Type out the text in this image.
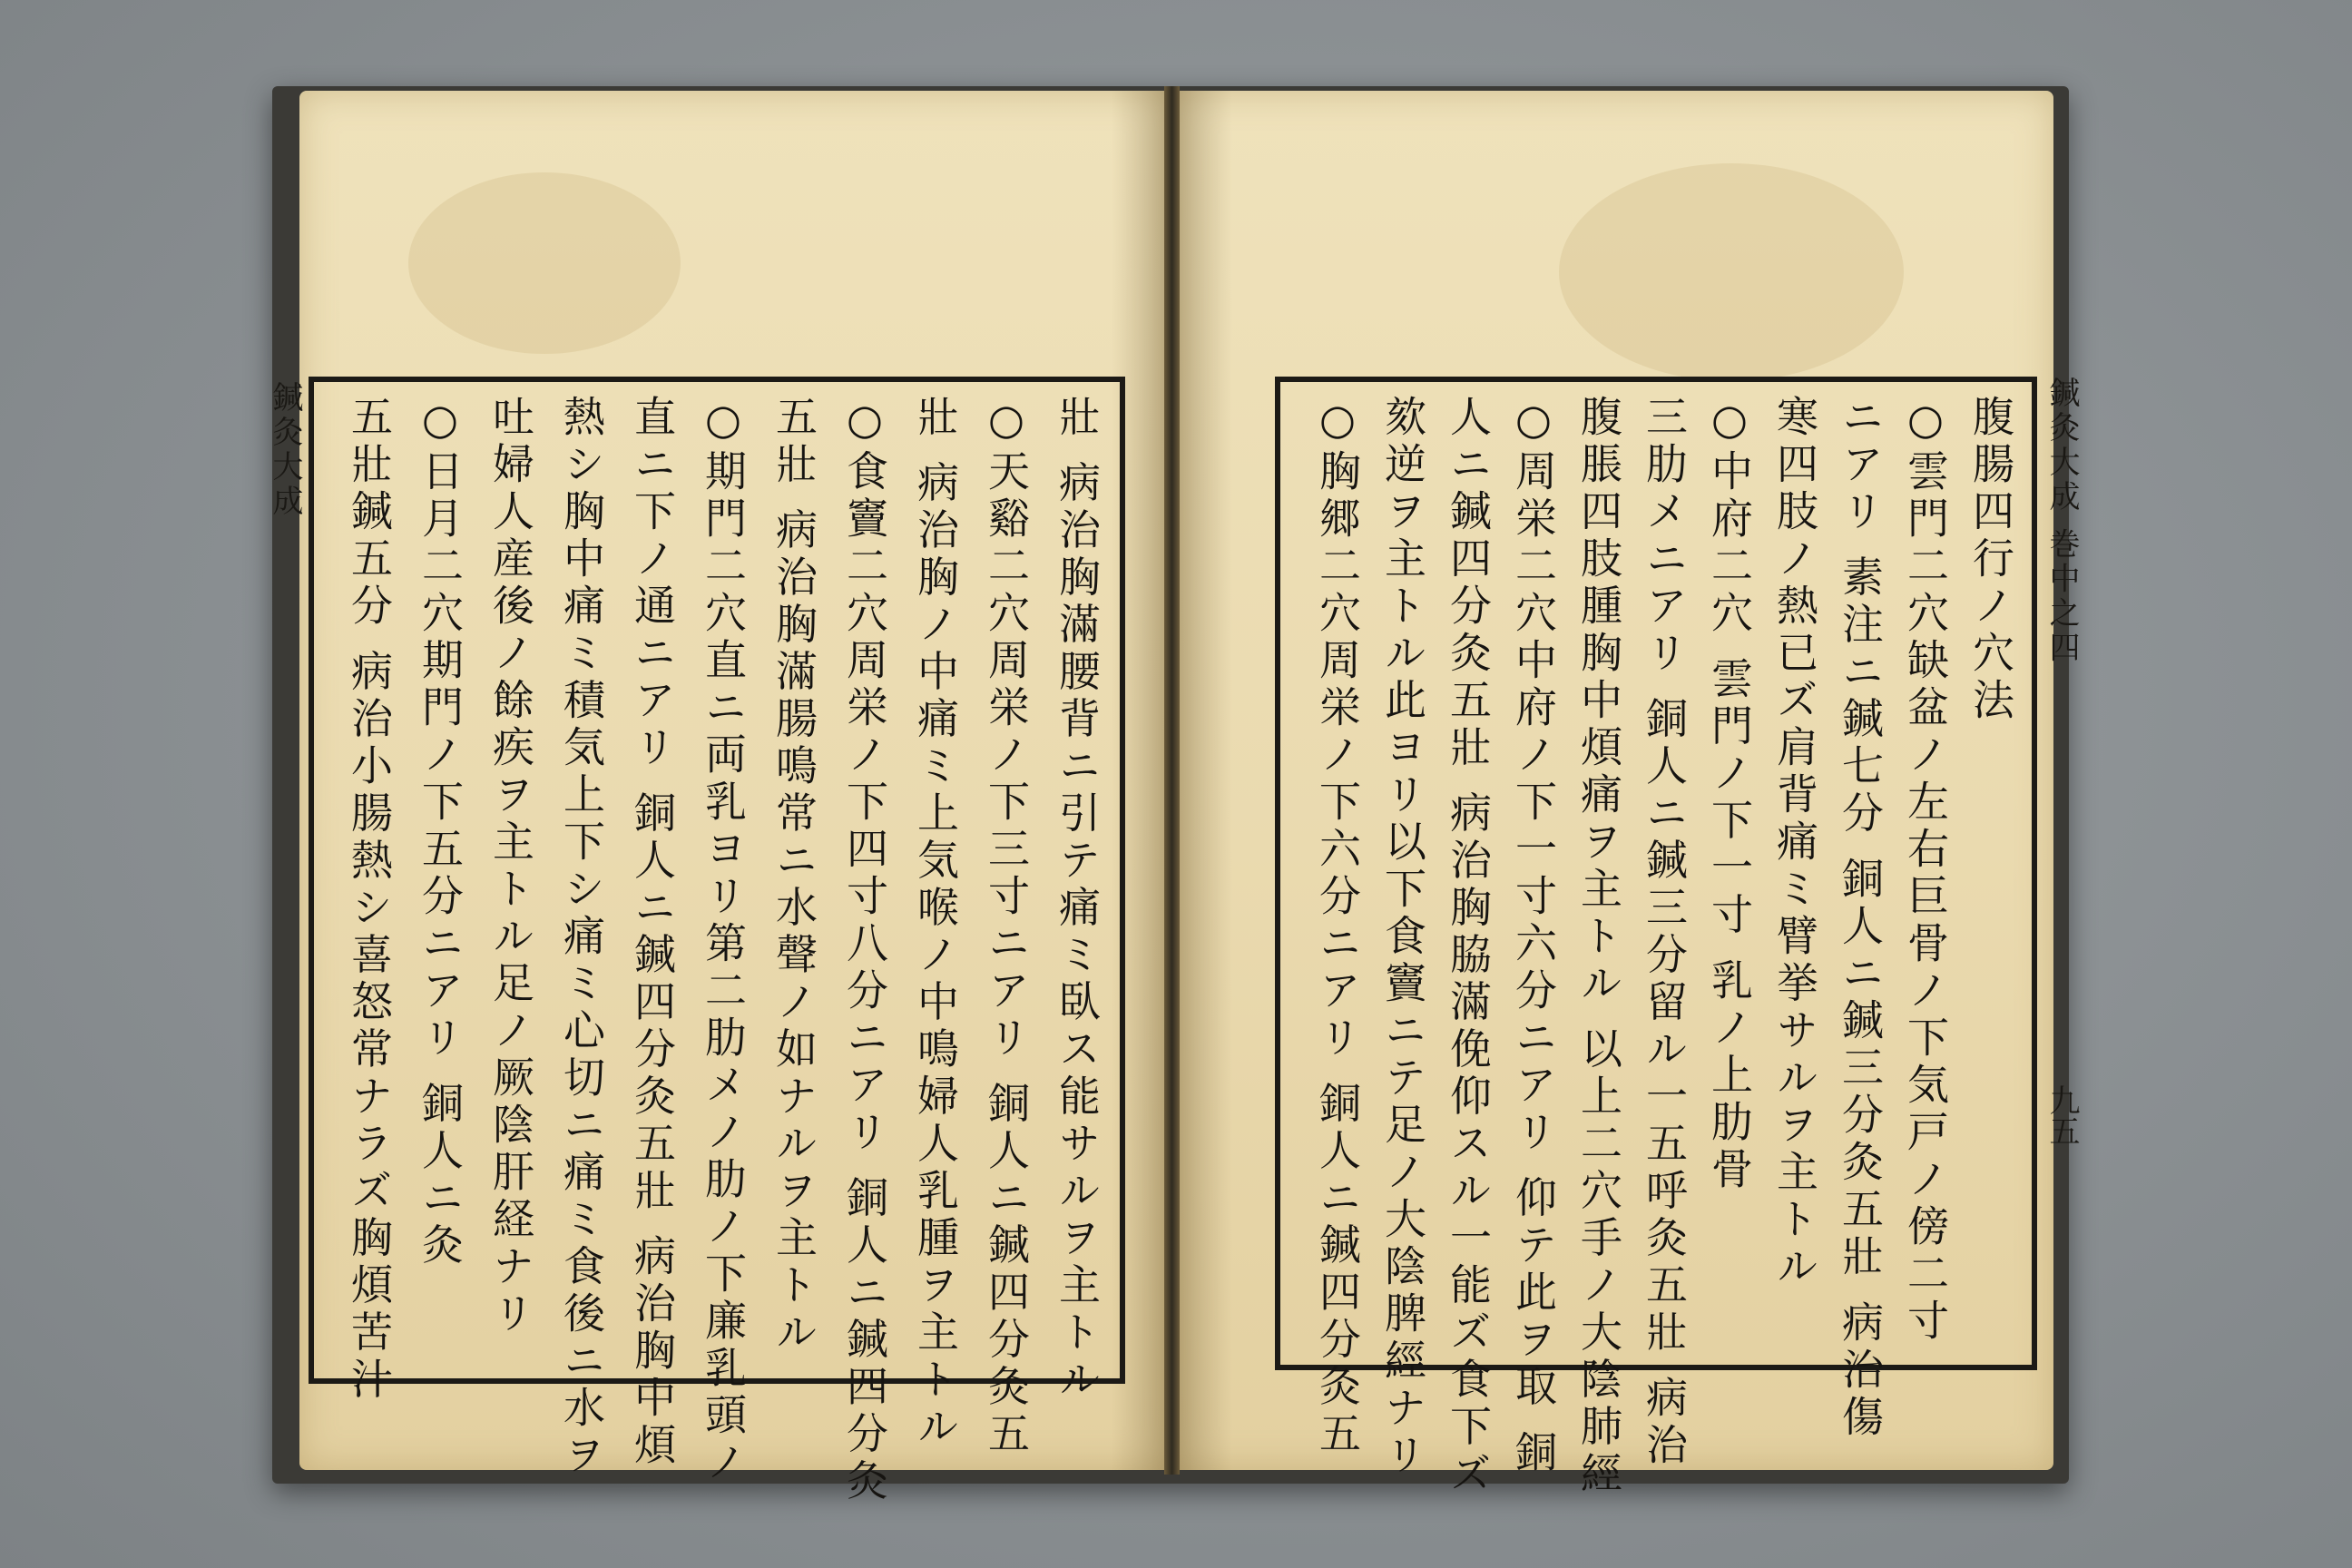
鍼灸大成	壯 病治胸滿腰背ニ引テ痛ミ臥ス能サルヲ主トル
○天谿二穴周栄ノ下三寸ニアリ 銅人ニ鍼四分灸五
壯 病治胸ノ中痛ミ上気喉ノ中鳴婦人乳腫ヲ主トル
○食竇二穴周栄ノ下四寸八分ニアリ 銅人ニ鍼四分灸
五壯 病治胸滿腸鳴常ニ水聲ノ如ナルヲ主トル
○期門二穴直ニ両乳ヨリ第二肋メノ肋ノ下廉乳頭ノ
直ニ下ノ通ニアリ 銅人ニ鍼四分灸五壯 病治胸中煩
熱シ胸中痛ミ積気上下シ痛ミ心切ニ痛ミ食後ニ水ヲ
吐婦人産後ノ餘疾ヲ主トル足ノ厥陰肝経ナリ
○日月二穴期門ノ下五分ニアリ 銅人ニ灸
五壯鍼五分 病治小腸熱シ喜怒常ナラズ胸煩苦汁	腹腸四行ノ穴法
○雲門二穴缺盆ノ左右巨骨ノ下気戸ノ傍二寸
ニアリ 素注ニ鍼七分 銅人ニ鍼三分灸五壯 病治傷
寒四肢ノ熱已ズ肩背痛ミ臂挙サルヲ主トル
○中府二穴 雲門ノ下一寸 乳ノ上肋骨
三肋メニアリ 銅人ニ鍼三分留ル一五呼灸五壯 病治
腹脹四肢腫胸中煩痛ヲ主トル 以上二穴手ノ大陰肺經
○周栄二穴中府ノ下一寸六分ニアリ 仰テ此ヲ取 銅
人ニ鍼四分灸五壯 病治胸脇滿俛仰スル一能ズ食下ズ
欬逆ヲ主トル此ヨリ以下食竇ニテ足ノ大陰脾經ナリ
○胸郷二穴周栄ノ下六分ニアリ 銅人ニ鍼四分灸五	鍼灸大成 巻中之四
九五
